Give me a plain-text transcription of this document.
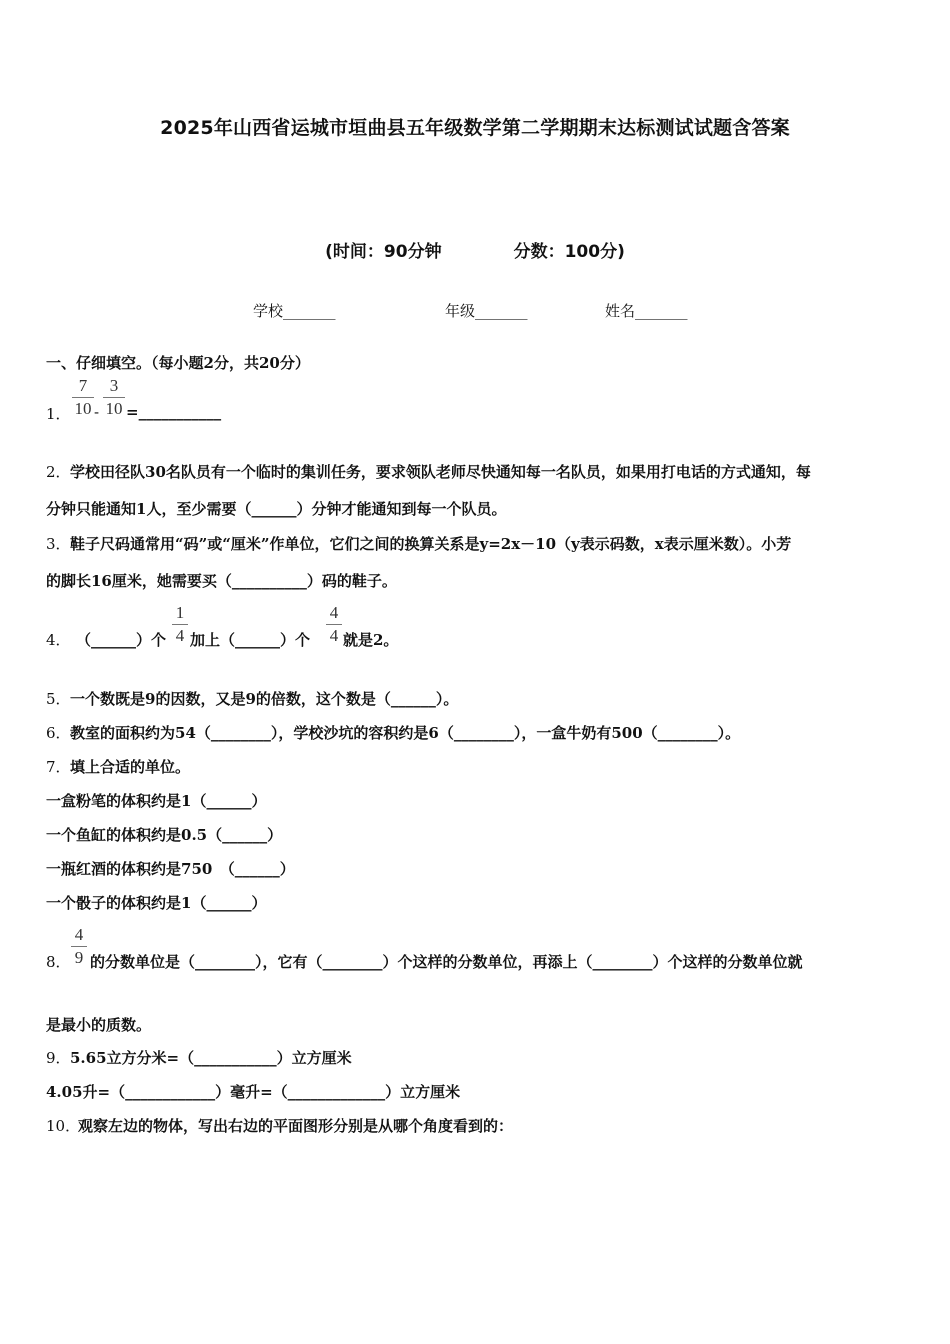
2025年山西省运城市垣曲县五年级数学第二学期期末达标测试试题含答案
(时间：90分钟	分数：100分)
学校_______	年级_______	姓名_______
一、仔细填空。（每小题2分，共20分）
1．
7
10 -
3
10 =___________
2． 学校田径队30名队员有一个临时的集训任务，要求领队老师尽快通知每一名队员，如果用打电话的方式通知，每
分钟只能通知1人，至少需要（______）分钟才能通知到每一个队员。
3． 鞋子尺码通常用“码”或“厘米”作单位，它们之间的换算关系是y=2x－10（y表示码数，x表示厘米数）。小芳
的脚长16厘米，她需要买（__________）码的鞋子。
4． （______）个
1
4 加上（______）个
4
4 就是2。
5． 一个数既是9的因数，又是9的倍数，这个数是（______）。
6． 教室的面积约为54（________），学校沙坑的容积约是6（________），一盒牛奶有500（________）。
7． 填上合适的单位。
一盒粉笔的体积约是1（______）
一个鱼缸的体积约是0.5（______）
一瓶红酒的体积约是750　（______）
一个骰子的体积约是1（______）
8．
4
9 的分数单位是（________），它有（________）个这样的分数单位，再添上（________）个这样的分数单位就
是最小的质数。
9． 5.65立方分米=（___________）立方厘米
4.05升=（____________）毫升=（_____________）立方厘米
10．
观察左边的物体，写出右边的平面图形分别是从哪个角度看到的：
